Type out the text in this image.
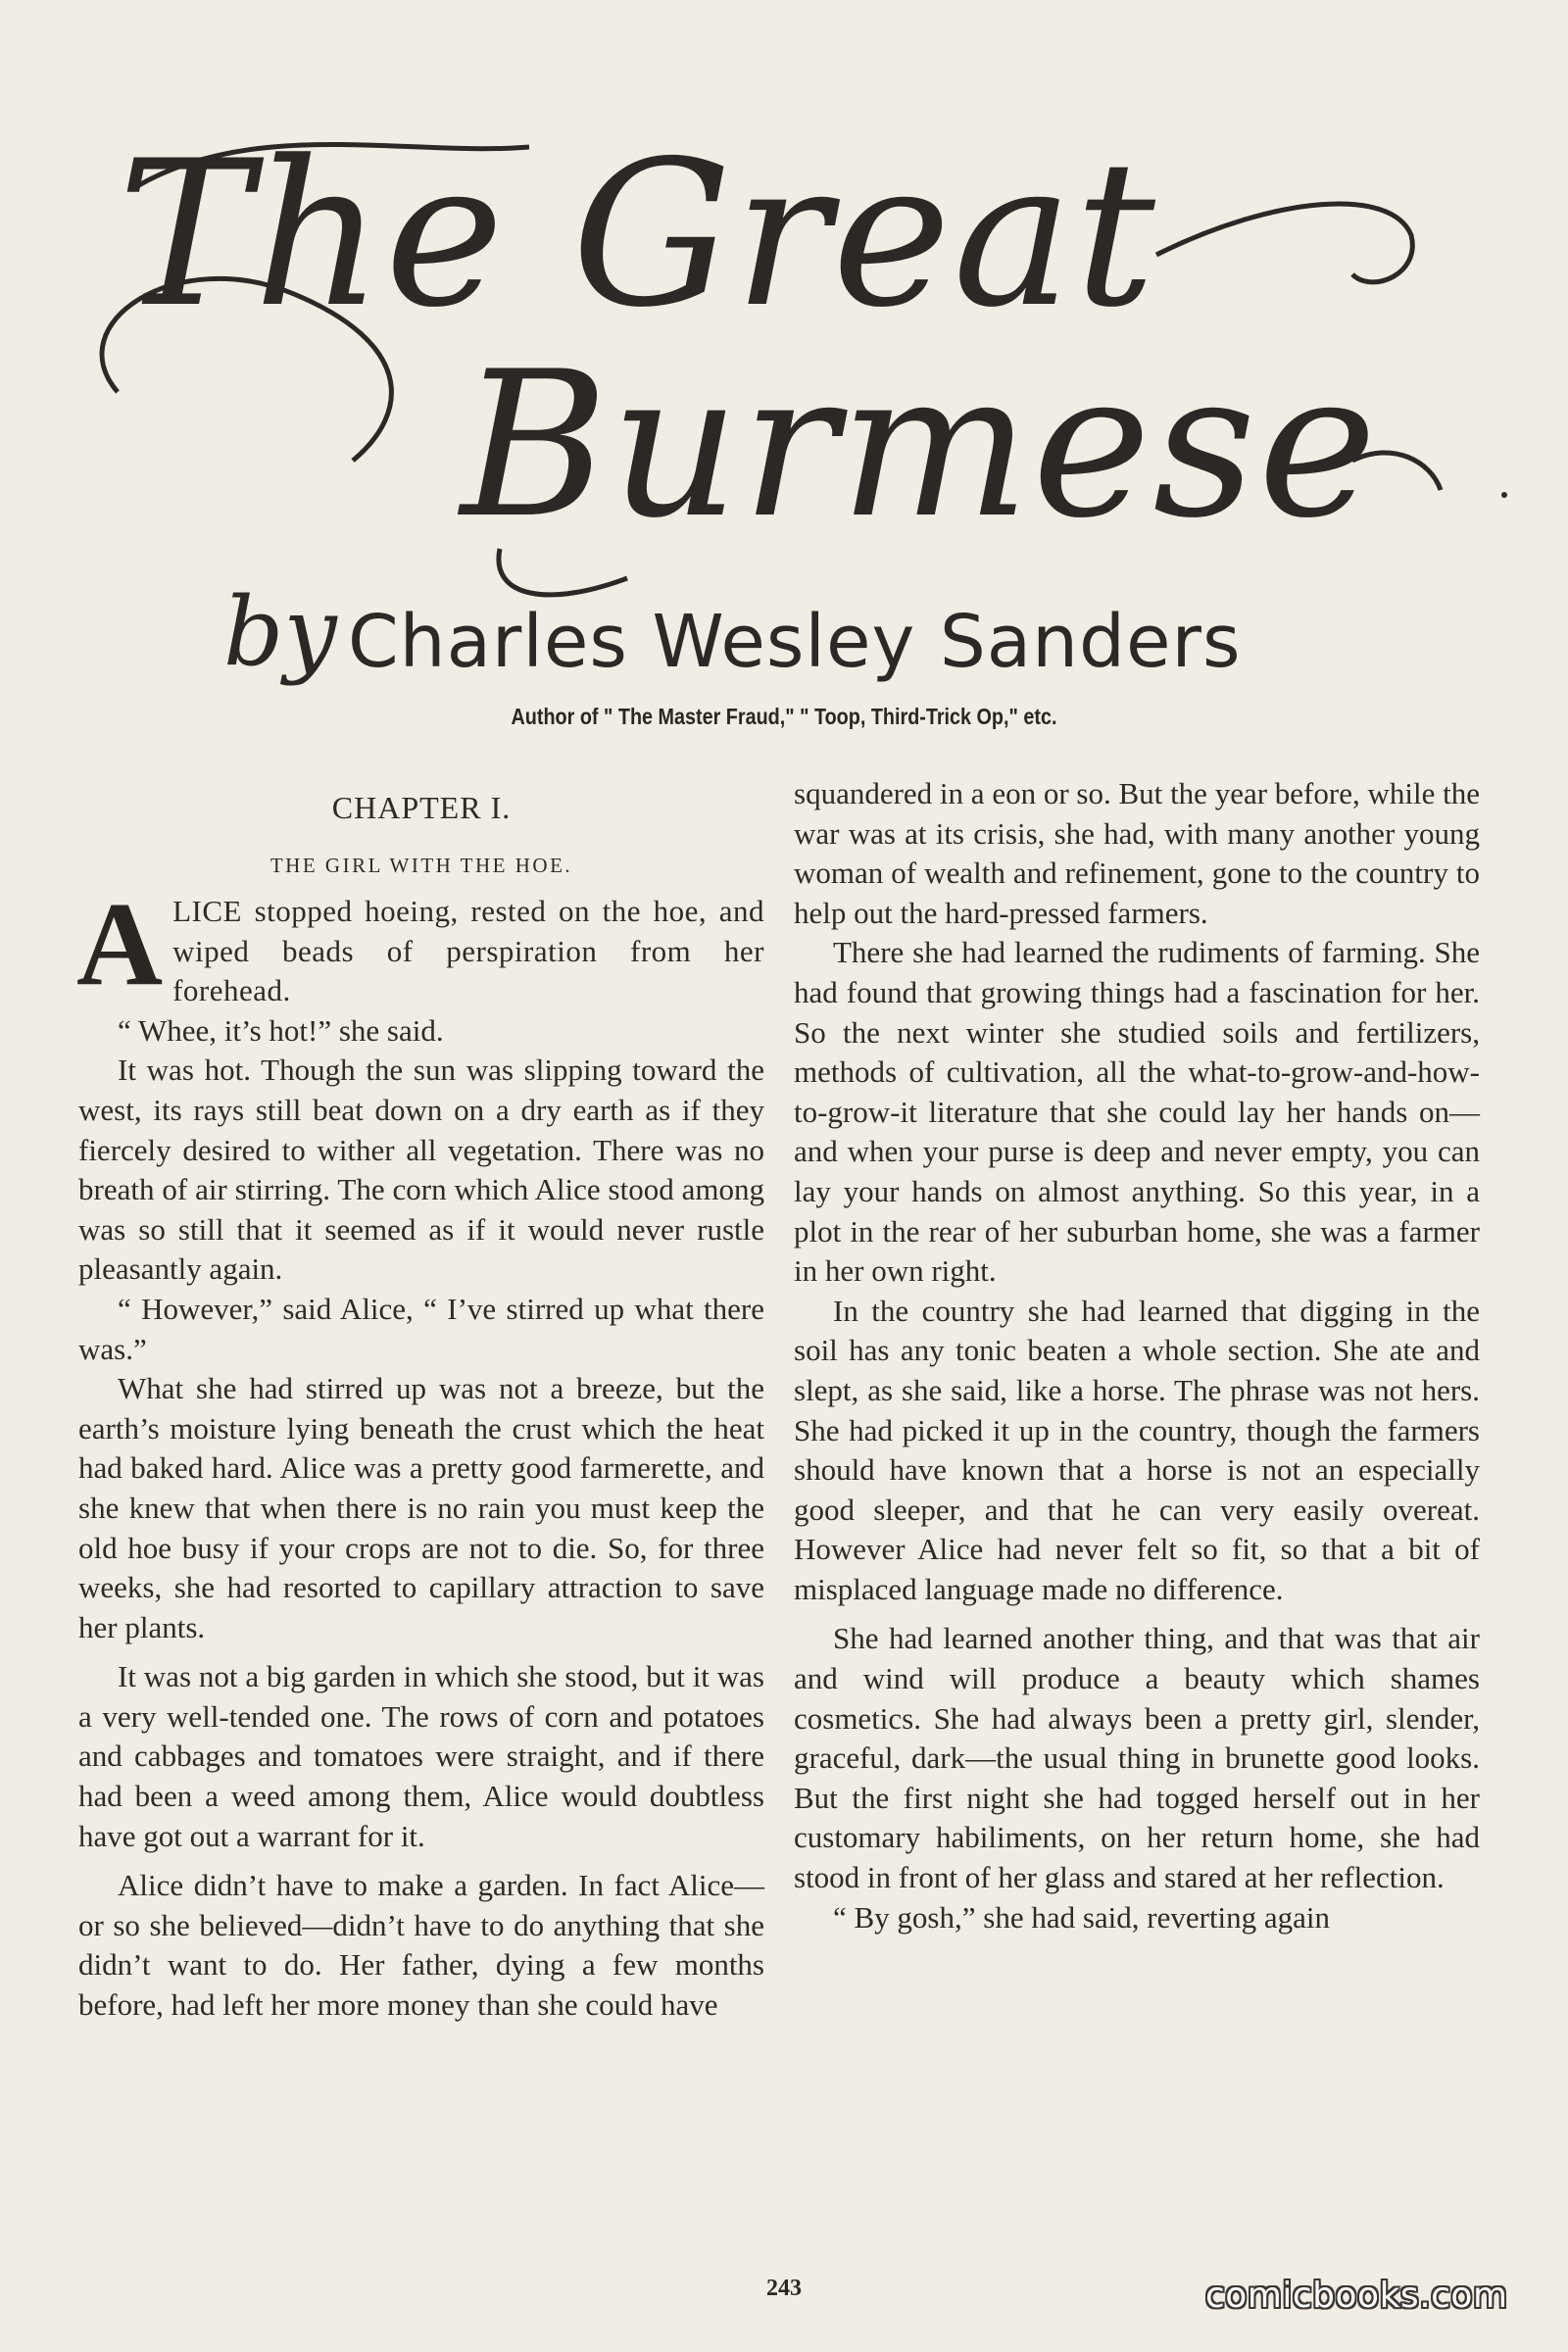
The Great
Burmese
by Charles Wesley Sanders
Author of " The Master Fraud," " Toop, Third-Trick Op," etc.
CHAPTER I.
THE GIRL WITH THE HOE.
A LICE stopped hoeing, rested on the hoe, and wiped beads of perspiration from her forehead.

“ Whee, it’s hot!” she said.

It was hot. Though the sun was slipping toward the west, its rays still beat down on a dry earth as if they fiercely desired to wither all vegetation. There was no breath of air stirring. The corn which Alice stood among was so still that it seemed as if it would never rustle pleasantly again.

“ However,” said Alice, “ I’ve stirred up what there was.”

What she had stirred up was not a breeze, but the earth’s moisture lying beneath the crust which the heat had baked hard. Alice was a pretty good farmerette, and she knew that when there is no rain you must keep the old hoe busy if your crops are not to die. So, for three weeks, she had resorted to capillary attraction to save her plants.

It was not a big garden in which she stood, but it was a very well-tended one. The rows of corn and potatoes and cabbages and tomatoes were straight, and if there had been a weed among them, Alice would doubtless have got out a warrant for it.

Alice didn’t have to make a garden. In fact Alice—or so she believed—didn’t have to do anything that she didn’t want to do. Her father, dying a few months before, had left her more money than she could have

squandered in a eon or so. But the year before, while the war was at its crisis, she had, with many another young woman of wealth and refinement, gone to the country to help out the hard-pressed farmers.

There she had learned the rudiments of farming. She had found that growing things had a fascination for her. So the next winter she studied soils and fertilizers, methods of cultivation, all the what-to-grow-and-how-to-grow-it literature that she could lay her hands on—and when your purse is deep and never empty, you can lay your hands on almost anything. So this year, in a plot in the rear of her suburban home, she was a farmer in her own right.

In the country she had learned that digging in the soil has any tonic beaten a whole section. She ate and slept, as she said, like a horse. The phrase was not hers. She had picked it up in the country, though the farmers should have known that a horse is not an especially good sleeper, and that he can very easily overeat. However Alice had never felt so fit, so that a bit of misplaced language made no difference.

She had learned another thing, and that was that air and wind will produce a beauty which shames cosmetics. She had always been a pretty girl, slender, graceful, dark—the usual thing in brunette good looks. But the first night she had togged herself out in her customary habiliments, on her return home, she had stood in front of her glass and stared at her reflection.

“ By gosh,” she had said, reverting again

243	comicbooks.com
